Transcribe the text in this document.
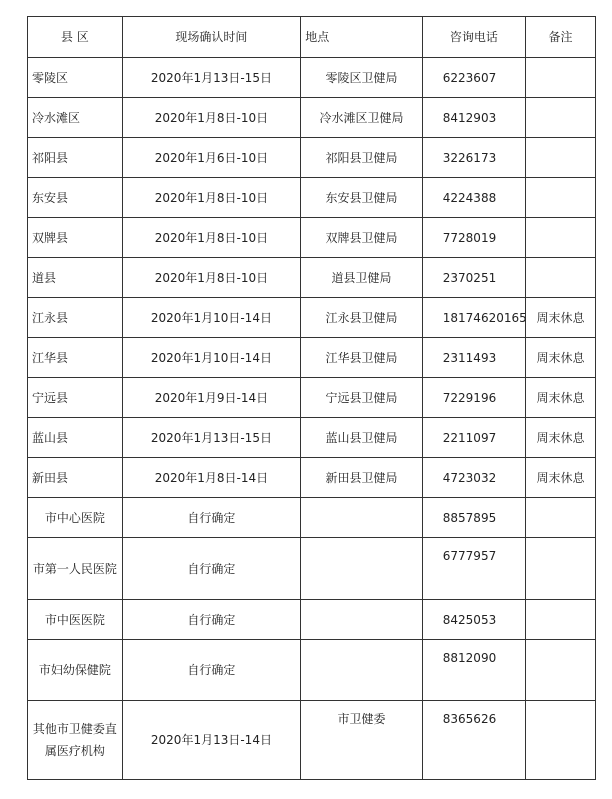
县 区	现场确认时间	地点	咨询电话	备注
零陵区	2020年1月13日-15日	零陵区卫健局	6223607	
冷水滩区	2020年1月8日-10日	冷水滩区卫健局	8412903	
祁阳县	2020年1月6日-10日	祁阳县卫健局	3226173	
东安县	2020年1月8日-10日	东安县卫健局	4224388	
双牌县	2020年1月8日-10日	双牌县卫健局	7728019	
道县	2020年1月8日-10日	道县卫健局	2370251	
江永县	2020年1月10日-14日	江永县卫健局	18174620165	周末休息
江华县	2020年1月10日-14日	江华县卫健局	2311493	周末休息
宁远县	2020年1月9日-14日	宁远县卫健局	7229196	周末休息
蓝山县	2020年1月13日-15日	蓝山县卫健局	2211097	周末休息
新田县	2020年1月8日-14日	新田县卫健局	4723032	周末休息
市中心医院	自行确定		8857895	
市第一人民医院	自行确定		6777957	
市中医医院	自行确定		8425053	
市妇幼保健院	自行确定		8812090	
其他市卫健委直属医疗机构	2020年1月13日-14日	市卫健委	8365626	
